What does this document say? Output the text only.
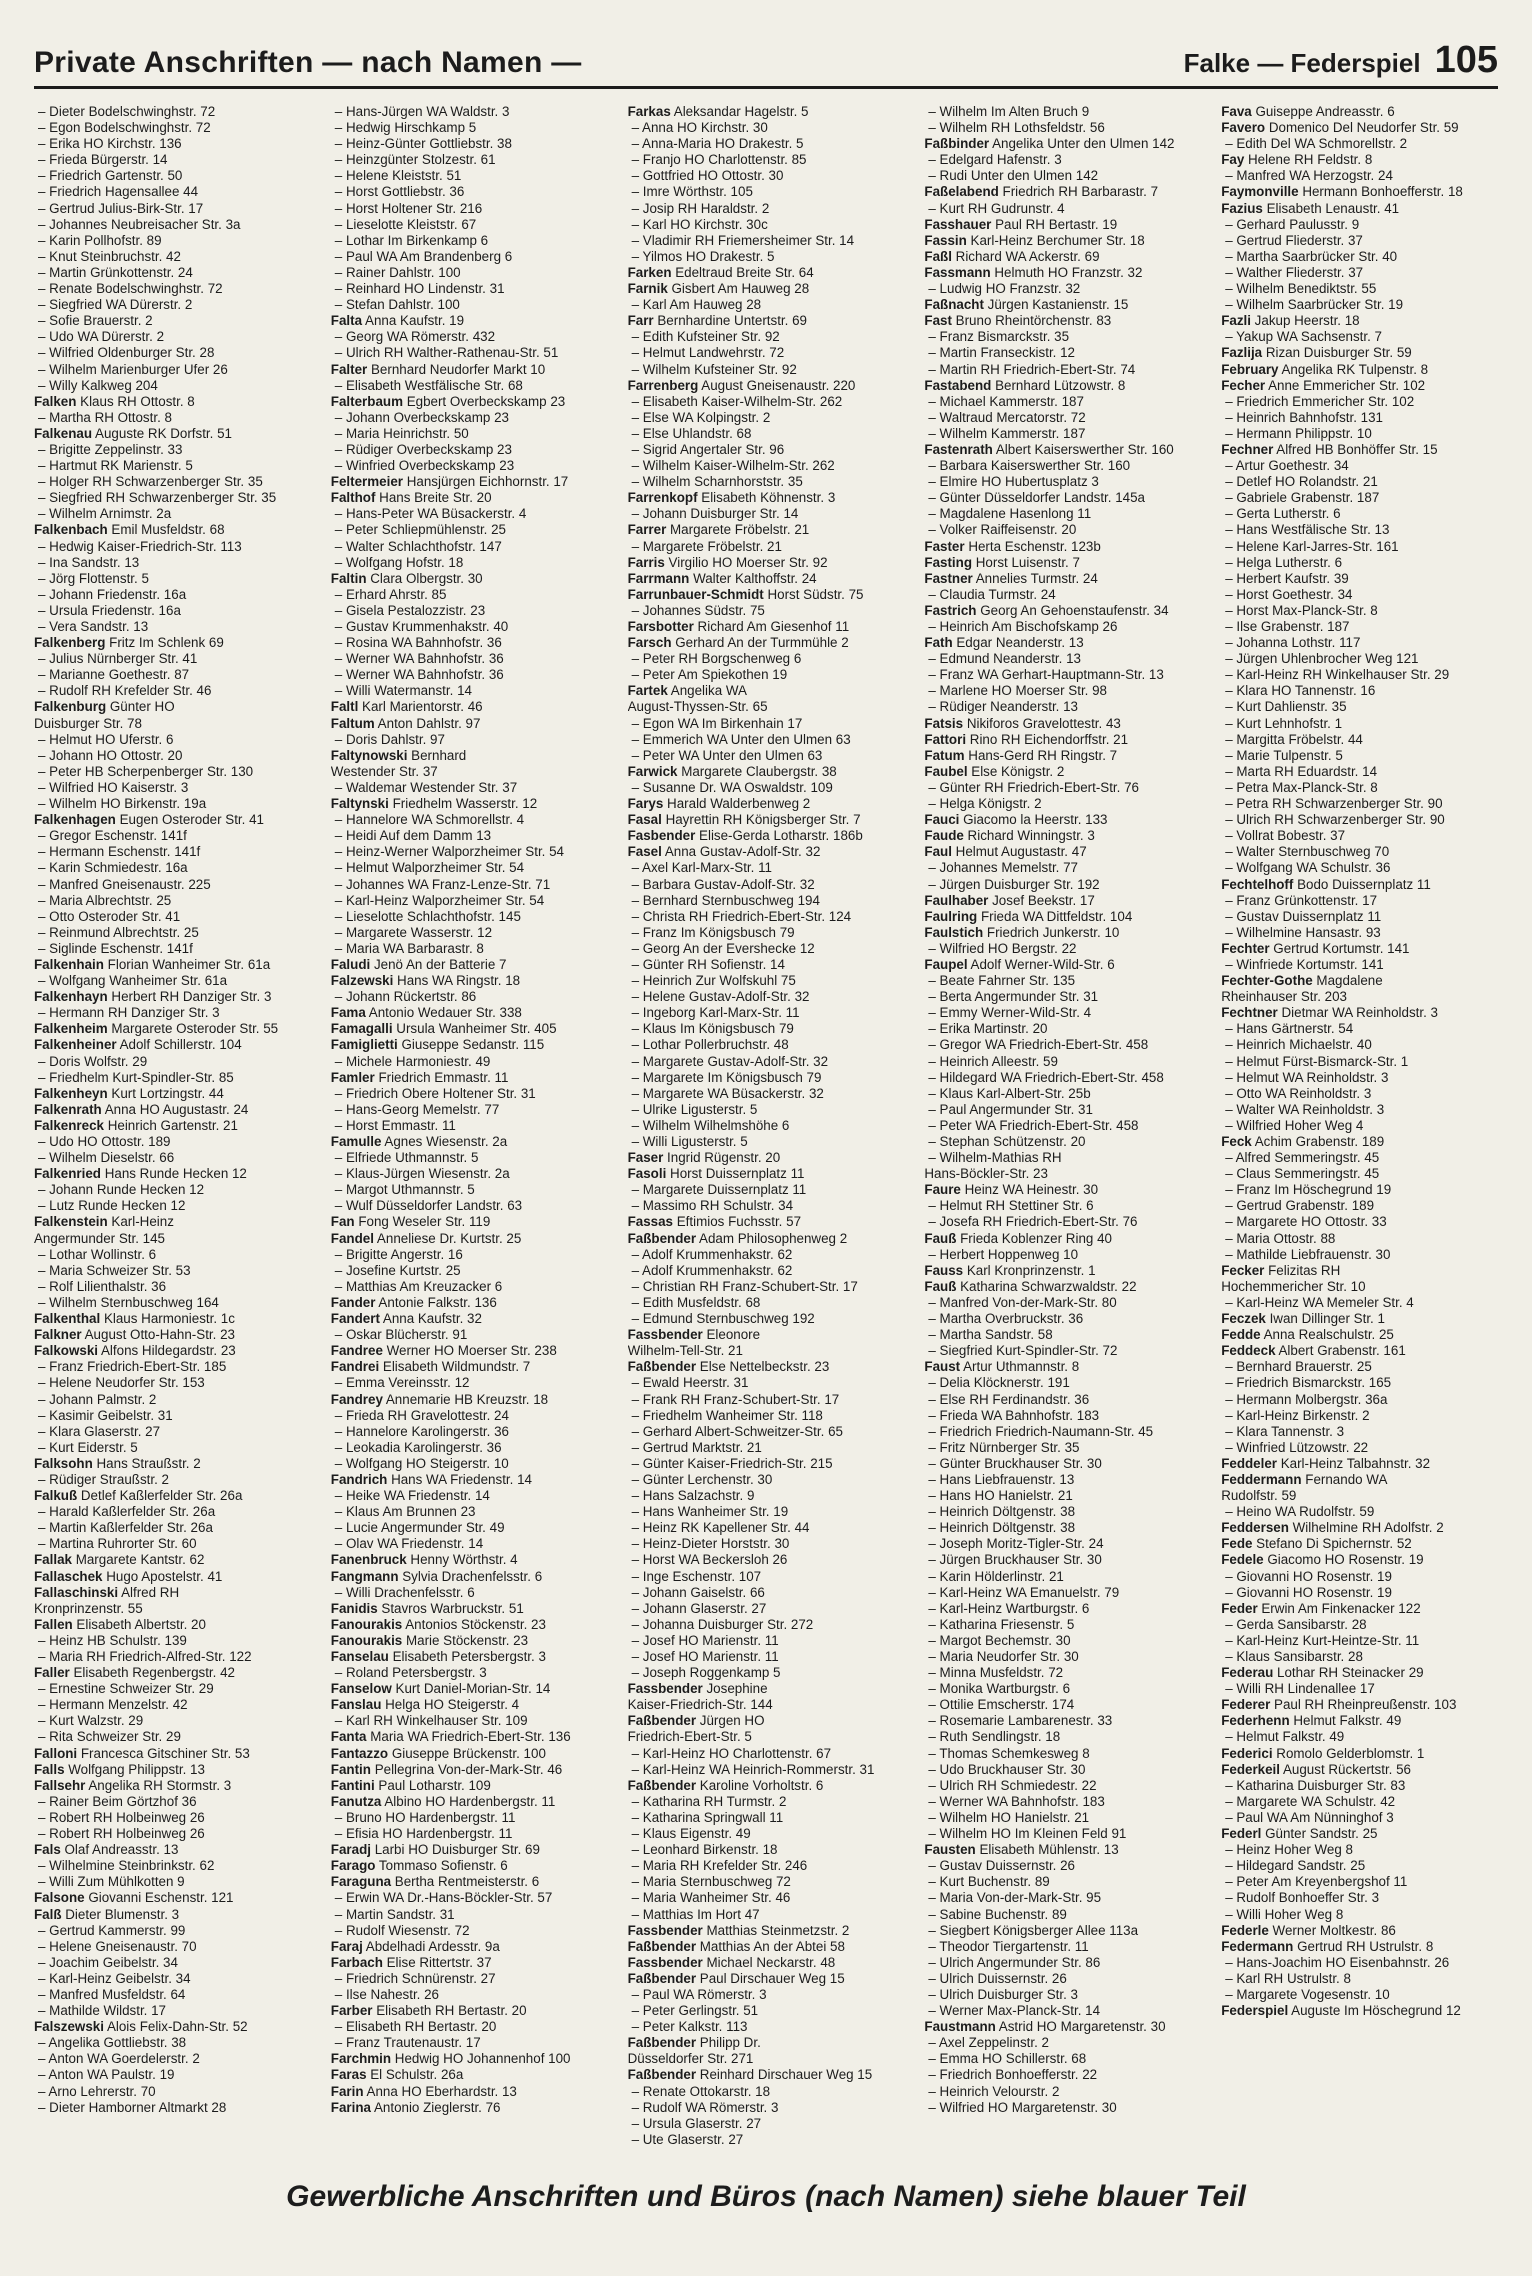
Private Anschriften — nach Namen —	Falke — Federspiel 105
– Dieter Bodelschwinghstr. 72
– Egon Bodelschwinghstr. 72
– Erika HO Kirchstr. 136
– Frieda Bürgerstr. 14
– Friedrich Gartenstr. 50
– Friedrich Hagensallee 44
– Gertrud Julius-Birk-Str. 17
– Johannes Neubreisacher Str. 3a
– Karin Pollhofstr. 89
– Knut Steinbruchstr. 42
– Martin Grünkottenstr. 24
– Renate Bodelschwinghstr. 72
– Siegfried WA Dürerstr. 2
– Sofie Brauerstr. 2
– Udo WA Dürerstr. 2
– Wilfried Oldenburger Str. 28
– Wilhelm Marienburger Ufer 26
– Willy Kalkweg 204
Falken Klaus RH Ottostr. 8
– Martha RH Ottostr. 8
Falkenau Auguste RK Dorfstr. 51
– Brigitte Zeppelinstr. 33
– Hartmut RK Marienstr. 5
– Holger RH Schwarzenberger Str. 35
– Siegfried RH Schwarzenberger Str. 35
– Wilhelm Arnimstr. 2a
Falkenbach Emil Musfeldstr. 68
– Hedwig Kaiser-Friedrich-Str. 113
– Ina Sandstr. 13
– Jörg Flottenstr. 5
– Johann Friedenstr. 16a
– Ursula Friedenstr. 16a
– Vera Sandstr. 13
Falkenberg Fritz Im Schlenk 69
– Julius Nürnberger Str. 41
– Marianne Goethestr. 87
– Rudolf RH Krefelder Str. 46
Falkenburg Günter HO
Duisburger Str. 78
– Helmut HO Uferstr. 6
– Johann HO Ottostr. 20
– Peter HB Scherpenberger Str. 130
– Wilfried HO Kaiserstr. 3
– Wilhelm HO Birkenstr. 19a
Falkenhagen Eugen Osteroder Str. 41
– Gregor Eschenstr. 141f
– Hermann Eschenstr. 141f
– Karin Schmiedestr. 16a
– Manfred Gneisenaustr. 225
– Maria Albrechtstr. 25
– Otto Osteroder Str. 41
– Reinmund Albrechtstr. 25
– Siglinde Eschenstr. 141f
Falkenhain Florian Wanheimer Str. 61a
– Wolfgang Wanheimer Str. 61a
Falkenhayn Herbert RH Danziger Str. 3
– Hermann RH Danziger Str. 3
Falkenheim Margarete Osteroder Str. 55
Falkenheiner Adolf Schillerstr. 104
– Doris Wolfstr. 29
– Friedhelm Kurt-Spindler-Str. 85
Falkenheyn Kurt Lortzingstr. 44
Falkenrath Anna HO Augustastr. 24
Falkenreck Heinrich Gartenstr. 21
– Udo HO Ottostr. 189
– Wilhelm Dieselstr. 66
Falkenried Hans Runde Hecken 12
– Johann Runde Hecken 12
– Lutz Runde Hecken 12
Falkenstein Karl-Heinz
Angermunder Str. 145
– Lothar Wollinstr. 6
– Maria Schweizer Str. 53
– Rolf Lilienthalstr. 36
– Wilhelm Sternbuschweg 164
Falkenthal Klaus Harmoniestr. 1c
Falkner August Otto-Hahn-Str. 23
Falkowski Alfons Hildegardstr. 23
– Franz Friedrich-Ebert-Str. 185
– Helene Neudorfer Str. 153
– Johann Palmstr. 2
– Kasimir Geibelstr. 31
– Klara Glaserstr. 27
– Kurt Eiderstr. 5
Falksohn Hans Straußstr. 2
– Rüdiger Straußstr. 2
Falkuß Detlef Kaßlerfelder Str. 26a
– Harald Kaßlerfelder Str. 26a
– Martin Kaßlerfelder Str. 26a
– Martina Ruhrorter Str. 60
Fallak Margarete Kantstr. 62
Fallaschek Hugo Apostelstr. 41
Fallaschinski Alfred RH
Kronprinzenstr. 55
Fallen Elisabeth Albertstr. 20
– Heinz HB Schulstr. 139
– Maria RH Friedrich-Alfred-Str. 122
Faller Elisabeth Regenbergstr. 42
– Ernestine Schweizer Str. 29
– Hermann Menzelstr. 42
– Kurt Walzstr. 29
– Rita Schweizer Str. 29
Falloni Francesca Gitschiner Str. 53
Falls Wolfgang Philippstr. 13
Fallsehr Angelika RH Stormstr. 3
– Rainer Beim Görtzhof 36
– Robert RH Holbeinweg 26
– Robert RH Holbeinweg 26
Fals Olaf Andreasstr. 13
– Wilhelmine Steinbrinkstr. 62
– Willi Zum Mühlkotten 9
Falsone Giovanni Eschenstr. 121
Falß Dieter Blumenstr. 3
– Gertrud Kammerstr. 99
– Helene Gneisenaustr. 70
– Joachim Geibelstr. 34
– Karl-Heinz Geibelstr. 34
– Manfred Musfeldstr. 64
– Mathilde Wildstr. 17
Falszewski Alois Felix-Dahn-Str. 52
– Angelika Gottliebstr. 38
– Anton WA Goerdelerstr. 2
– Anton WA Paulstr. 19
– Arno Lehrerstr. 70
– Dieter Hamborner Altmarkt 28
– Hans-Jürgen WA Waldstr. 3
– Hedwig Hirschkamp 5
– Heinz-Günter Gottliebstr. 38
– Heinzgünter Stolzestr. 61
– Helene Kleiststr. 51
– Horst Gottliebstr. 36
– Horst Holtener Str. 216
– Lieselotte Kleiststr. 67
– Lothar Im Birkenkamp 6
– Paul WA Am Brandenberg 6
– Rainer Dahlstr. 100
– Reinhard HO Lindenstr. 31
– Stefan Dahlstr. 100
Falta Anna Kaufstr. 19
– Georg WA Römerstr. 432
– Ulrich RH Walther-Rathenau-Str. 51
Falter Bernhard Neudorfer Markt 10
– Elisabeth Westfälische Str. 68
Falterbaum Egbert Overbeckskamp 23
– Johann Overbeckskamp 23
– Maria Heinrichstr. 50
– Rüdiger Overbeckskamp 23
– Winfried Overbeckskamp 23
Feltermeier Hansjürgen Eichhornstr. 17
Falthof Hans Breite Str. 20
– Hans-Peter WA Büsackerstr. 4
– Peter Schliepmühlenstr. 25
– Walter Schlachthofstr. 147
– Wolfgang Hofstr. 18
Faltin Clara Olbergstr. 30
– Erhard Ahrstr. 85
– Gisela Pestalozzistr. 23
– Gustav Krummenhakstr. 40
– Rosina WA Bahnhofstr. 36
– Werner WA Bahnhofstr. 36
– Werner WA Bahnhofstr. 36
– Willi Watermanstr. 14
Faltl Karl Marientorstr. 46
Faltum Anton Dahlstr. 97
– Doris Dahlstr. 97
Faltynowski Bernhard
Westender Str. 37
– Waldemar Westender Str. 37
Faltynski Friedhelm Wasserstr. 12
– Hannelore WA Schmorellstr. 4
– Heidi Auf dem Damm 13
– Heinz-Werner Walporzheimer Str. 54
– Helmut Walporzheimer Str. 54
– Johannes WA Franz-Lenze-Str. 71
– Karl-Heinz Walporzheimer Str. 54
– Lieselotte Schlachthofstr. 145
– Margarete Wasserstr. 12
– Maria WA Barbarastr. 8
Faludi Jenö An der Batterie 7
Falzewski Hans WA Ringstr. 18
– Johann Rückertstr. 86
Fama Antonio Wedauer Str. 338
Famagalli Ursula Wanheimer Str. 405
Famiglietti Giuseppe Sedanstr. 115
– Michele Harmoniestr. 49
Famler Friedrich Emmastr. 11
– Friedrich Obere Holtener Str. 31
– Hans-Georg Memelstr. 77
– Horst Emmastr. 11
Famulle Agnes Wiesenstr. 2a
– Elfriede Uthmannstr. 5
– Klaus-Jürgen Wiesenstr. 2a
– Margot Uthmannstr. 5
– Wulf Düsseldorfer Landstr. 63
Fan Fong Weseler Str. 119
Fandel Anneliese Dr. Kurtstr. 25
– Brigitte Angerstr. 16
– Josefine Kurtstr. 25
– Matthias Am Kreuzacker 6
Fander Antonie Falkstr. 136
Fandert Anna Kaufstr. 32
– Oskar Blücherstr. 91
Fandree Werner HO Moerser Str. 238
Fandrei Elisabeth Wildmundstr. 7
– Emma Vereinsstr. 12
Fandrey Annemarie HB Kreuzstr. 18
– Frieda RH Gravelottestr. 24
– Hannelore Karolingerstr. 36
– Leokadia Karolingerstr. 36
– Wolfgang HO Steigerstr. 10
Fandrich Hans WA Friedenstr. 14
– Heike WA Friedenstr. 14
– Klaus Am Brunnen 23
– Lucie Angermunder Str. 49
– Olav WA Friedenstr. 14
Fanenbruck Henny Wörthstr. 4
Fangmann Sylvia Drachenfelsstr. 6
– Willi Drachenfelsstr. 6
Fanidis Stavros Warbruckstr. 51
Fanourakis Antonios Stöckenstr. 23
Fanourakis Marie Stöckenstr. 23
Fanselau Elisabeth Petersbergstr. 3
– Roland Petersbergstr. 3
Fanselow Kurt Daniel-Morian-Str. 14
Fanslau Helga HO Steigerstr. 4
– Karl RH Winkelhauser Str. 109
Fanta Maria WA Friedrich-Ebert-Str. 136
Fantazzo Giuseppe Brückenstr. 100
Fantin Pellegrina Von-der-Mark-Str. 46
Fantini Paul Lotharstr. 109
Fanutza Albino HO Hardenbergstr. 11
– Bruno HO Hardenbergstr. 11
– Efisia HO Hardenbergstr. 11
Faradj Larbi HO Duisburger Str. 69
Farago Tommaso Sofienstr. 6
Faraguna Bertha Rentmeisterstr. 6
– Erwin WA Dr.-Hans-Böckler-Str. 57
– Martin Sandstr. 31
– Rudolf Wiesenstr. 72
Faraj Abdelhadi Ardesstr. 9a
Farbach Elise Rittertstr. 37
– Friedrich Schnürenstr. 27
– Ilse Nahestr. 26
Farber Elisabeth RH Bertastr. 20
– Elisabeth RH Bertastr. 20
– Franz Trautenaustr. 17
Farchmin Hedwig HO Johannenhof 100
Faras El Schulstr. 26a
Farin Anna HO Eberhardstr. 13
Farina Antonio Zieglerstr. 76
Farkas Aleksandar Hagelstr. 5
– Anna HO Kirchstr. 30
– Anna-Maria HO Drakestr. 5
– Franjo HO Charlottenstr. 85
– Gottfried HO Ottostr. 30
– Imre Wörthstr. 105
– Josip RH Haraldstr. 2
– Karl HO Kirchstr. 30c
– Vladimir RH Friemersheimer Str. 14
– Yilmos HO Drakestr. 5
Farken Edeltraud Breite Str. 64
Farnik Gisbert Am Hauweg 28
– Karl Am Hauweg 28
Farr Bernhardine Untertstr. 69
– Edith Kufsteiner Str. 92
– Helmut Landwehrstr. 72
– Wilhelm Kufsteiner Str. 92
Farrenberg August Gneisenaustr. 220
– Elisabeth Kaiser-Wilhelm-Str. 262
– Else WA Kolpingstr. 2
– Else Uhlandstr. 68
– Sigrid Angertaler Str. 96
– Wilhelm Kaiser-Wilhelm-Str. 262
– Wilhelm Scharnhorststr. 35
Farrenkopf Elisabeth Köhnenstr. 3
– Johann Duisburger Str. 14
Farrer Margarete Fröbelstr. 21
– Margarete Fröbelstr. 21
Farris Virgilio HO Moerser Str. 92
Farrmann Walter Kalthoffstr. 24
Farrunbauer-Schmidt Horst Südstr. 75
– Johannes Südstr. 75
Farsbotter Richard Am Giesenhof 11
Farsch Gerhard An der Turmmühle 2
– Peter RH Borgschenweg 6
– Peter Am Spiekothen 19
Fartek Angelika WA
August-Thyssen-Str. 65
– Egon WA Im Birkenhain 17
– Emmerich WA Unter den Ulmen 63
– Peter WA Unter den Ulmen 63
Farwick Margarete Claubergstr. 38
– Susanne Dr. WA Oswaldstr. 109
Farys Harald Walderbenweg 2
Fasal Hayrettin RH Königsberger Str. 7
Fasbender Elise-Gerda Lotharstr. 186b
Fasel Anna Gustav-Adolf-Str. 32
– Axel Karl-Marx-Str. 11
– Barbara Gustav-Adolf-Str. 32
– Bernhard Sternbuschweg 194
– Christa RH Friedrich-Ebert-Str. 124
– Franz Im Königsbusch 79
– Georg An der Eversheckе 12
– Günter RH Sofienstr. 14
– Heinrich Zur Wolfskuhl 75
– Helene Gustav-Adolf-Str. 32
– Ingeborg Karl-Marx-Str. 11
– Klaus Im Königsbusch 79
– Lothar Pollerbruchstr. 48
– Margarete Gustav-Adolf-Str. 32
– Margarete Im Königsbusch 79
– Margarete WA Büsackerstr. 32
– Ulrike Ligusterstr. 5
– Wilhelm Wilhelmshöhe 6
– Willi Ligusterstr. 5
Faser Ingrid Rügenstr. 20
Fasoli Horst Duissernplatz 11
– Margarete Duissernplatz 11
– Massimo RH Schulstr. 34
Fassas Eftimios Fuchsstr. 57
Faßbender Adam Philosophenweg 2
– Adolf Krummenhakstr. 62
– Adolf Krummenhakstr. 62
– Christian RH Franz-Schubert-Str. 17
– Edith Musfeldstr. 68
– Edmund Sternbuschweg 192
Fassbender Eleonore
Wilhelm-Tell-Str. 21
Faßbender Else Nettelbeckstr. 23
– Ewald Heerstr. 31
– Frank RH Franz-Schubert-Str. 17
– Friedhelm Wanheimer Str. 118
– Gerhard Albert-Schweitzer-Str. 65
– Gertrud Marktstr. 21
– Günter Kaiser-Friedrich-Str. 215
– Günter Lerchenstr. 30
– Hans Salzachstr. 9
– Hans Wanheimer Str. 19
– Heinz RK Kapellener Str. 44
– Heinz-Dieter Horststr. 30
– Horst WA Beckersloh 26
– Inge Eschenstr. 107
– Johann Gaiselstr. 66
– Johann Glaserstr. 27
– Johanna Duisburger Str. 272
– Josef HO Marienstr. 11
– Josef HO Marienstr. 11
– Joseph Roggenkamp 5
Fassbender Josephine
Kaiser-Friedrich-Str. 144
Faßbender Jürgen HO
Friedrich-Ebert-Str. 5
– Karl-Heinz HO Charlottenstr. 67
– Karl-Heinz WA Heinrich-Rommerstr. 31
Faßbender Karoline Vorholtstr. 6
– Katharina RH Turmstr. 2
– Katharina Springwall 11
– Klaus Eigenstr. 49
– Leonhard Birkenstr. 18
– Maria RH Krefelder Str. 246
– Maria Sternbuschweg 72
– Maria Wanheimer Str. 46
– Matthias Im Hort 47
Fassbender Matthias Steinmetzstr. 2
Faßbender Matthias An der Abtei 58
Fassbender Michael Neckarstr. 48
Faßbender Paul Dirschauer Weg 15
– Paul WA Römerstr. 3
– Peter Gerlingstr. 51
– Peter Kalkstr. 113
Faßbender Philipp Dr.
Düsseldorfer Str. 271
Faßbender Reinhard Dirschauer Weg 15
– Renate Ottokarstr. 18
– Rudolf WA Römerstr. 3
– Ursula Glaserstr. 27
– Ute Glaserstr. 27
– Wilhelm Im Alten Bruch 9
– Wilhelm RH Lothsfeldstr. 56
Faßbinder Angelika Unter den Ulmen 142
– Edelgard Hafenstr. 3
– Rudi Unter den Ulmen 142
Faßelabend Friedrich RH Barbarastr. 7
– Kurt RH Gudrunstr. 4
Fasshauer Paul RH Bertastr. 19
Fassin Karl-Heinz Berchumer Str. 18
Faßl Richard WA Ackerstr. 69
Fassmann Helmuth HO Franzstr. 32
– Ludwig HO Franzstr. 32
Faßnacht Jürgen Kastanienstr. 15
Fast Bruno Rheintörchenstr. 83
– Franz Bismarckstr. 35
– Martin Franseckistr. 12
– Martin RH Friedrich-Ebert-Str. 74
Fastabend Bernhard Lützowstr. 8
– Michael Kammerstr. 187
– Waltraud Mercatorstr. 72
– Wilhelm Kammerstr. 187
Fastenrath Albert Kaiserswerther Str. 160
– Barbara Kaiserswerther Str. 160
– Elmire HO Hubertusplatz 3
– Günter Düsseldorfer Landstr. 145a
– Magdalene Hasenlong 11
– Volker Raiffeisenstr. 20
Faster Herta Eschenstr. 123b
Fasting Horst Luisenstr. 7
Fastner Annelies Turmstr. 24
– Claudia Turmstr. 24
Fastrich Georg An Gehoenstaufenstr. 34
– Heinrich Am Bischofskamp 26
Fath Edgar Neanderstr. 13
– Edmund Neanderstr. 13
– Franz WA Gerhart-Hauptmann-Str. 13
– Marlene HO Moerser Str. 98
– Rüdiger Neanderstr. 13
Fatsis Nikiforos Gravelottestr. 43
Fattori Rino RH Eichendorffstr. 21
Fatum Hans-Gerd RH Ringstr. 7
Faubel Else Königstr. 2
– Günter RH Friedrich-Ebert-Str. 76
– Helga Königstr. 2
Fauci Giacomo la Heerstr. 133
Faude Richard Winningstr. 3
Faul Helmut Augustastr. 47
– Johannes Memelstr. 77
– Jürgen Duisburger Str. 192
Faulhaber Josef Beekstr. 17
Faulring Frieda WA Dittfeldstr. 104
Faulstich Friedrich Junkerstr. 10
– Wilfried HO Bergstr. 22
Faupel Adolf Werner-Wild-Str. 6
– Beate Fahrner Str. 135
– Berta Angermunder Str. 31
– Emmy Werner-Wild-Str. 4
– Erika Martinstr. 20
– Gregor WA Friedrich-Ebert-Str. 458
– Heinrich Alleestr. 59
– Hildegard WA Friedrich-Ebert-Str. 458
– Klaus Karl-Albert-Str. 25b
– Paul Angermunder Str. 31
– Peter WA Friedrich-Ebert-Str. 458
– Stephan Schützenstr. 20
– Wilhelm-Mathias RH
Hans-Böckler-Str. 23
Faure Heinz WA Heinestr. 30
– Helmut RH Stettiner Str. 6
– Josefa RH Friedrich-Ebert-Str. 76
Fauß Frieda Koblenzer Ring 40
– Herbert Hoppenweg 10
Fauss Karl Kronprinzenstr. 1
Fauß Katharina Schwarzwaldstr. 22
– Manfred Von-der-Mark-Str. 80
– Martha Overbruckstr. 36
– Martha Sandstr. 58
– Siegfried Kurt-Spindler-Str. 72
Faust Artur Uthmannstr. 8
– Delia Klöcknerstr. 191
– Else RH Ferdinandstr. 36
– Frieda WA Bahnhofstr. 183
– Friedrich Friedrich-Naumann-Str. 45
– Fritz Nürnberger Str. 35
– Günter Bruckhauser Str. 30
– Hans Liebfrauenstr. 13
– Hans HO Hanielstr. 21
– Heinrich Döltgenstr. 38
– Heinrich Döltgenstr. 38
– Joseph Moritz-Tigler-Str. 24
– Jürgen Bruckhauser Str. 30
– Karin Hölderlinstr. 21
– Karl-Heinz WA Emanuelstr. 79
– Karl-Heinz Wartburgstr. 6
– Katharina Friesenstr. 5
– Margot Bechemstr. 30
– Maria Neudorfer Str. 30
– Minna Musfeldstr. 72
– Monika Wartburgstr. 6
– Ottilie Emscherstr. 174
– Rosemarie Lambarenestr. 33
– Ruth Sendlingstr. 18
– Thomas Schemkesweg 8
– Udo Bruckhauser Str. 30
– Ulrich RH Schmiedestr. 22
– Werner WA Bahnhofstr. 183
– Wilhelm HO Hanielstr. 21
– Wilhelm HO Im Kleinen Feld 91
Fausten Elisabeth Mühlenstr. 13
– Gustav Duissernstr. 26
– Kurt Buchenstr. 89
– Maria Von-der-Mark-Str. 95
– Sabine Buchenstr. 89
– Siegbert Königsberger Allee 113a
– Theodor Tiergartenstr. 11
– Ulrich Angermunder Str. 86
– Ulrich Duissernstr. 26
– Ulrich Duisburger Str. 3
– Werner Max-Planck-Str. 14
Faustmann Astrid HO Margaretenstr. 30
– Axel Zeppelinstr. 2
– Emma HO Schillerstr. 68
– Friedrich Bonhoefferstr. 22
– Heinrich Velourstr. 2
– Wilfried HO Margaretenstr. 30
Fava Guiseppe Andreasstr. 6
Favero Domenico Del Neudorfer Str. 59
– Edith Del WA Schmorellstr. 2
Fay Helene RH Feldstr. 8
– Manfred WA Herzogstr. 24
Faymonville Hermann Bonhoefferstr. 18
Fazius Elisabeth Lenaustr. 41
– Gerhard Paulusstr. 9
– Gertrud Fliederstr. 37
– Martha Saarbrücker Str. 40
– Walther Fliederstr. 37
– Wilhelm Benediktstr. 55
– Wilhelm Saarbrücker Str. 19
Fazli Jakup Heerstr. 18
– Yakup WA Sachsenstr. 7
Fazlija Rizan Duisburger Str. 59
February Angelika RK Tulpenstr. 8
Fecher Anne Emmericher Str. 102
– Friedrich Emmericher Str. 102
– Heinrich Bahnhofstr. 131
– Hermann Philippstr. 10
Fechner Alfred HB Bonhöffer Str. 15
– Artur Goethestr. 34
– Detlef HO Rolandstr. 21
– Gabriele Grabenstr. 187
– Gerta Lutherstr. 6
– Hans Westfälische Str. 13
– Helene Karl-Jarres-Str. 161
– Helga Lutherstr. 6
– Herbert Kaufstr. 39
– Horst Goethestr. 34
– Horst Max-Planck-Str. 8
– Ilse Grabenstr. 187
– Johanna Lothstr. 117
– Jürgen Uhlenbrocher Weg 121
– Karl-Heinz RH Winkelhauser Str. 29
– Klara HO Tannenstr. 16
– Kurt Dahlienstr. 35
– Kurt Lehnhofstr. 1
– Margitta Fröbelstr. 44
– Marie Tulpenstr. 5
– Marta RH Eduardstr. 14
– Petra Max-Planck-Str. 8
– Petra RH Schwarzenberger Str. 90
– Ulrich RH Schwarzenberger Str. 90
– Vollrat Bobestr. 37
– Walter Sternbuschweg 70
– Wolfgang WA Schulstr. 36
Fechtelhoff Bodo Duissernplatz 11
– Franz Grünkottenstr. 17
– Gustav Duissernplatz 11
– Wilhelmine Hansastr. 93
Fechter Gertrud Kortumstr. 141
– Winfriede Kortumstr. 141
Fechter-Gothe Magdalene
Rheinhauser Str. 203
Fechtner Dietmar WA Reinholdstr. 3
– Hans Gärtnerstr. 54
– Heinrich Michaelstr. 40
– Helmut Fürst-Bismarck-Str. 1
– Helmut WA Reinholdstr. 3
– Otto WA Reinholdstr. 3
– Walter WA Reinholdstr. 3
– Wilfried Hoher Weg 4
Feck Achim Grabenstr. 189
– Alfred Semmeringstr. 45
– Claus Semmeringstr. 45
– Franz Im Höschegrund 19
– Gertrud Grabenstr. 189
– Margarete HO Ottostr. 33
– Maria Ottostr. 88
– Mathilde Liebfrauenstr. 30
Fecker Felizitas RH
Hochemmericher Str. 10
– Karl-Heinz WA Memeler Str. 4
Feczek Iwan Dillinger Str. 1
Fedde Anna Realschulstr. 25
Feddeck Albert Grabenstr. 161
– Bernhard Brauerstr. 25
– Friedrich Bismarckstr. 165
– Hermann Molbergstr. 36a
– Karl-Heinz Birkenstr. 2
– Klara Tannenstr. 3
– Winfried Lützowstr. 22
Feddeler Karl-Heinz Talbahnstr. 32
Feddermann Fernando WA
Rudolfstr. 59
– Heino WA Rudolfstr. 59
Feddersen Wilhelmine RH Adolfstr. 2
Fede Stefano Di Spichernstr. 52
Fedele Giacomo HO Rosenstr. 19
– Giovanni HO Rosenstr. 19
– Giovanni HO Rosenstr. 19
Feder Erwin Am Finkenacker 122
– Gerda Sansibarstr. 28
– Karl-Heinz Kurt-Heintze-Str. 11
– Klaus Sansibarstr. 28
Federau Lothar RH Steinacker 29
– Willi RH Lindenallee 17
Federer Paul RH Rheinpreußenstr. 103
Federhenn Helmut Falkstr. 49
– Helmut Falkstr. 49
Federici Romolo Gelderblomstr. 1
Federkeil August Rückertstr. 56
– Katharina Duisburger Str. 83
– Margarete WA Schulstr. 42
– Paul WA Am Nünninghof 3
Federl Günter Sandstr. 25
– Heinz Hoher Weg 8
– Hildegard Sandstr. 25
– Peter Am Kreyenbergshof 11
– Rudolf Bonhoeffer Str. 3
– Willi Hoher Weg 8
Federle Werner Moltkestr. 86
Federmann Gertrud RH Ustrulstr. 8
– Hans-Joachim HO Eisenbahnstr. 26
– Karl RH Ustrulstr. 8
– Margarete Vogesenstr. 10
Federspiel Auguste Im Höschegrund 12
Gewerbliche Anschriften und Büros (nach Namen) siehe blauer Teil
